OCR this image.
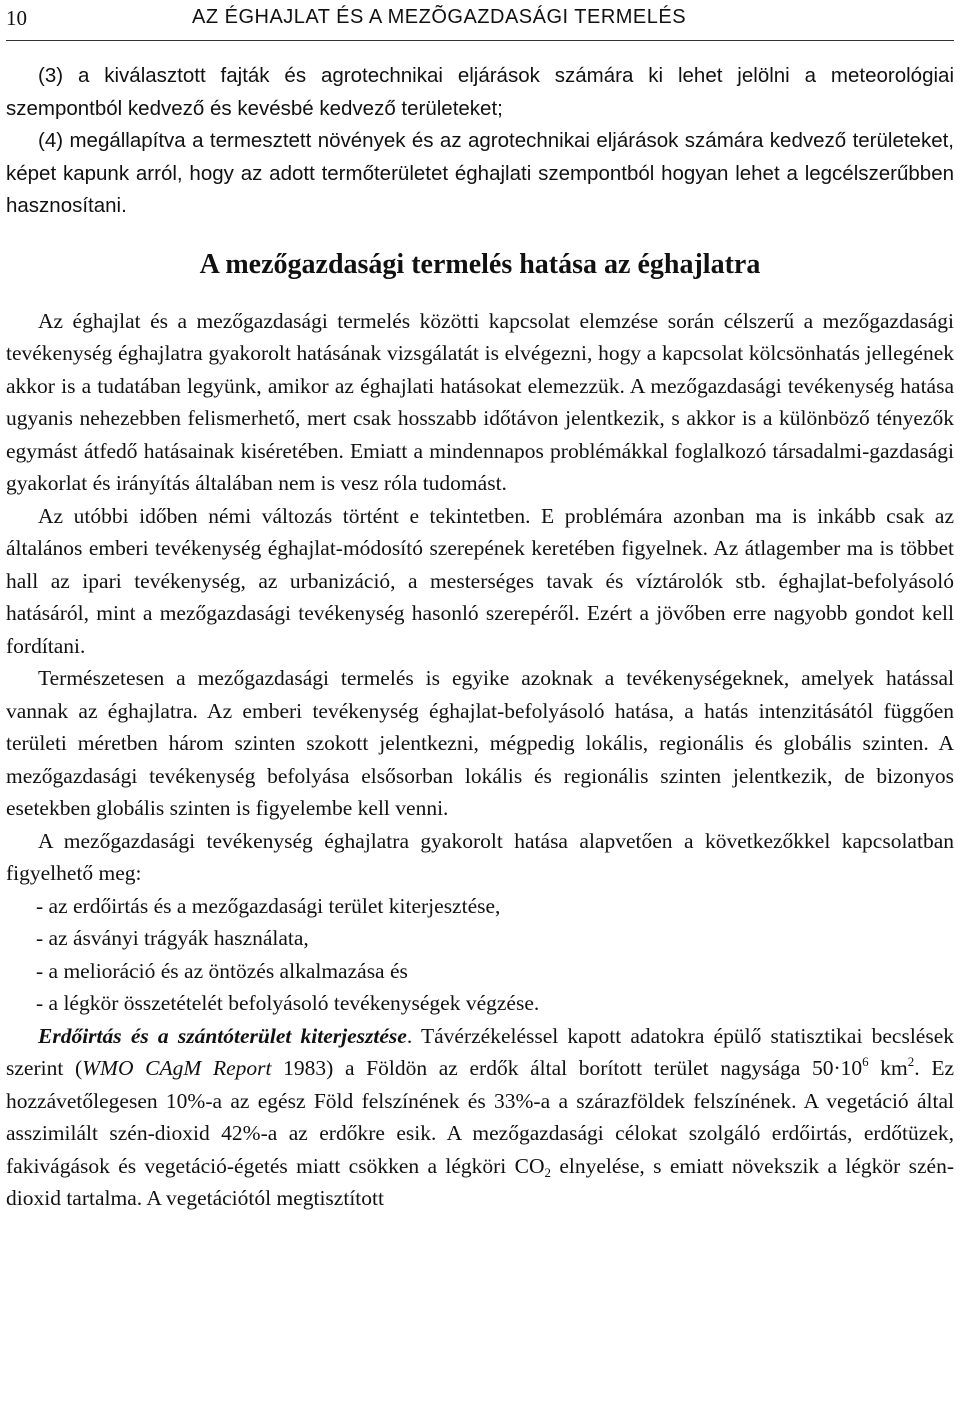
10	AZ ÉGHAJLAT ÉS A MEZÕGAZDASÁGI TERMELÉS

(3) a kiválasztott fajták és agrotechnikai eljárások számára ki lehet jelölni a meteorológiai szempontból kedvező és kevésbé kedvező területeket;

(4) megállapítva a termesztett növények és az agrotechnikai eljárások számára kedvező területeket, képet kapunk arról, hogy az adott termőterületet éghajlati szempontból hogyan lehet a legcélszerűbben hasznosítani.

A mezőgazdasági termelés hatása az éghajlatra

Az éghajlat és a mezőgazdasági termelés közötti kapcsolat elemzése során célszerű a mezőgazdasági tevékenység éghajlatra gyakorolt hatásának vizsgálatát is elvégezni, hogy a kapcsolat kölcsönhatás jellegének akkor is a tudatában legyünk, amikor az éghajlati hatásokat elemezzük. A mezőgazdasági tevékenység hatása ugyanis nehezebben felismerhető, mert csak hosszabb időtávon jelentkezik, s akkor is a különböző tényezők egymást átfedő hatásainak kiséretében. Emiatt a mindennapos problémákkal foglalkozó társadalmi-gazdasági gyakorlat és irányítás általában nem is vesz róla tudomást.

Az utóbbi időben némi változás történt e tekintetben. E problémára azonban ma is inkább csak az általános emberi tevékenység éghajlat-módosító szerepének keretében figyelnek. Az átlagember ma is többet hall az ipari tevékenység, az urbanizáció, a mesterséges tavak és víztárolók stb. éghajlat-befolyásoló hatásáról, mint a mezőgazdasági tevékenység hasonló szerepéről. Ezért a jövőben erre nagyobb gondot kell fordítani.

Természetesen a mezőgazdasági termelés is egyike azoknak a tevékenységeknek, amelyek hatással vannak az éghajlatra. Az emberi tevékenység éghajlat-befolyásoló hatása, a hatás intenzitásától függően területi méretben három szinten szokott jelentkezni, mégpedig lokális, regionális és globális szinten. A mezőgazdasági tevékenység befolyása elsősorban lokális és regionális szinten jelentkezik, de bizonyos esetekben globális szinten is figyelembe kell venni.

A mezőgazdasági tevékenység éghajlatra gyakorolt hatása alapvetően a következőkkel kapcsolatban figyelhető meg:

- az erdőirtás és a mezőgazdasági terület kiterjesztése,

- az ásványi trágyák használata,

- a melioráció és az öntözés alkalmazása és

- a légkör összetételét befolyásoló tevékenységek végzése.

Erdőirtás és a szántóterület kiterjesztése. Távérzékeléssel kapott adatokra épülő statisztikai becslések szerint (WMO CAgM Report 1983) a Földön az erdők által borított terület nagysága $50\cdot 10^6$ $km^2$. Ez hozzávetőlegesen 10%-a az egész Föld felszínének és 33%-a a szárazföldek felszínének. A vegetáció által asszimilált szén-dioxid 42%-a az erdőkre esik. A mezőgazdasági célokat szolgáló erdőirtás, erdőtüzek, fakivágások és vegetáció-égetés miatt csökken a légköri $CO_2$ elnyelése, s emiatt növekszik a légkör szén-dioxid tartalma. A vegetációtól megtisztított
